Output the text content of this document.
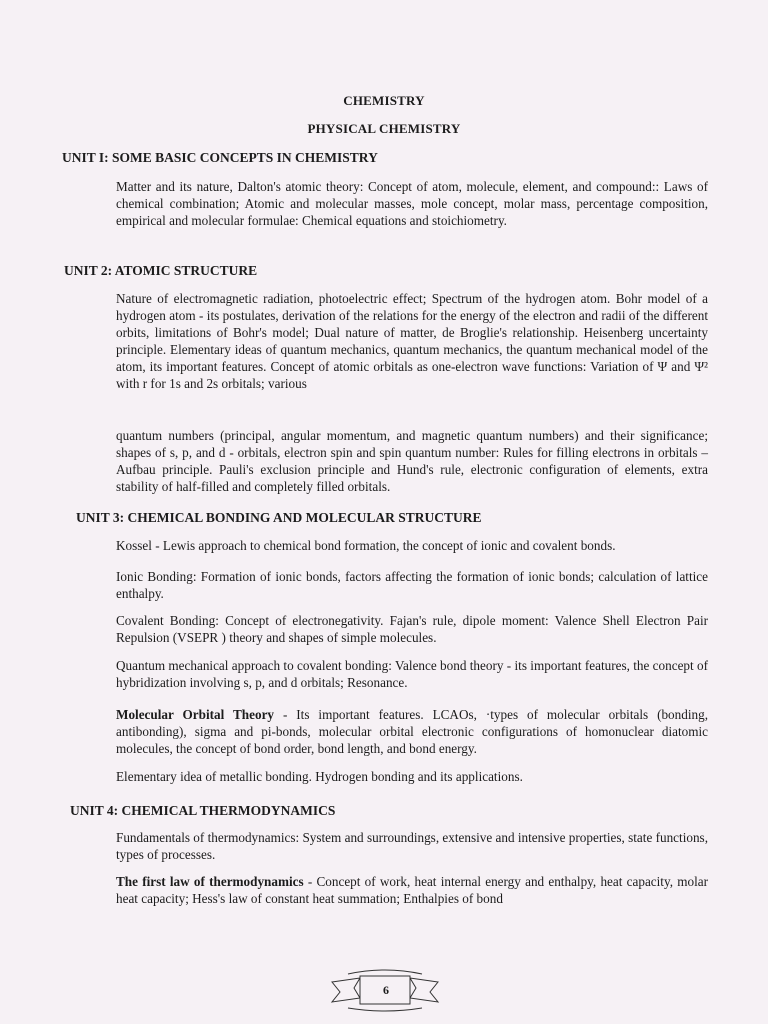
CHEMISTRY
PHYSICAL CHEMISTRY
UNIT I: SOME BASIC CONCEPTS IN CHEMISTRY
Matter and its nature, Dalton's atomic theory: Concept of atom, molecule, element, and compound:: Laws of chemical combination; Atomic and molecular masses, mole concept, molar mass, percentage composition, empirical and molecular formulae: Chemical equations and stoichiometry.
UNIT 2: ATOMIC STRUCTURE
Nature of electromagnetic radiation, photoelectric effect; Spectrum of the hydrogen atom. Bohr model of a hydrogen atom - its postulates, derivation of the relations for the energy of the electron and radii of the different orbits, limitations of Bohr's model; Dual nature of matter, de Broglie's relationship. Heisenberg uncertainty principle. Elementary ideas of quantum mechanics, quantum mechanics, the quantum mechanical model of the atom, its important features. Concept of atomic orbitals as one-electron wave functions: Variation of Ψ and Ψ² with r for 1s and 2s orbitals; various
quantum numbers (principal, angular momentum, and magnetic quantum numbers) and their significance; shapes of s, p, and d - orbitals, electron spin and spin quantum number: Rules for filling electrons in orbitals – Aufbau principle. Pauli's exclusion principle and Hund's rule, electronic configuration of elements, extra stability of half-filled and completely filled orbitals.
UNIT 3: CHEMICAL BONDING AND MOLECULAR STRUCTURE
Kossel - Lewis approach to chemical bond formation, the concept of ionic and covalent bonds.
Ionic Bonding: Formation of ionic bonds, factors affecting the formation of ionic bonds; calculation of lattice enthalpy.
Covalent Bonding: Concept of electronegativity. Fajan's rule, dipole moment: Valence Shell Electron Pair Repulsion (VSEPR ) theory and shapes of simple molecules.
Quantum mechanical approach to covalent bonding: Valence bond theory - its important features, the concept of hybridization involving s, p, and d orbitals; Resonance.
Molecular Orbital Theory - Its important features. LCAOs, ·types of molecular orbitals (bonding, antibonding), sigma and pi-bonds, molecular orbital electronic configurations of homonuclear diatomic molecules, the concept of bond order, bond length, and bond energy.
Elementary idea of metallic bonding. Hydrogen bonding and its applications.
UNIT 4: CHEMICAL THERMODYNAMICS
Fundamentals of thermodynamics: System and surroundings, extensive and intensive properties, state functions, types of processes.
The first law of thermodynamics - Concept of work, heat internal energy and enthalpy, heat capacity, molar heat capacity; Hess's law of constant heat summation; Enthalpies of bond
6
